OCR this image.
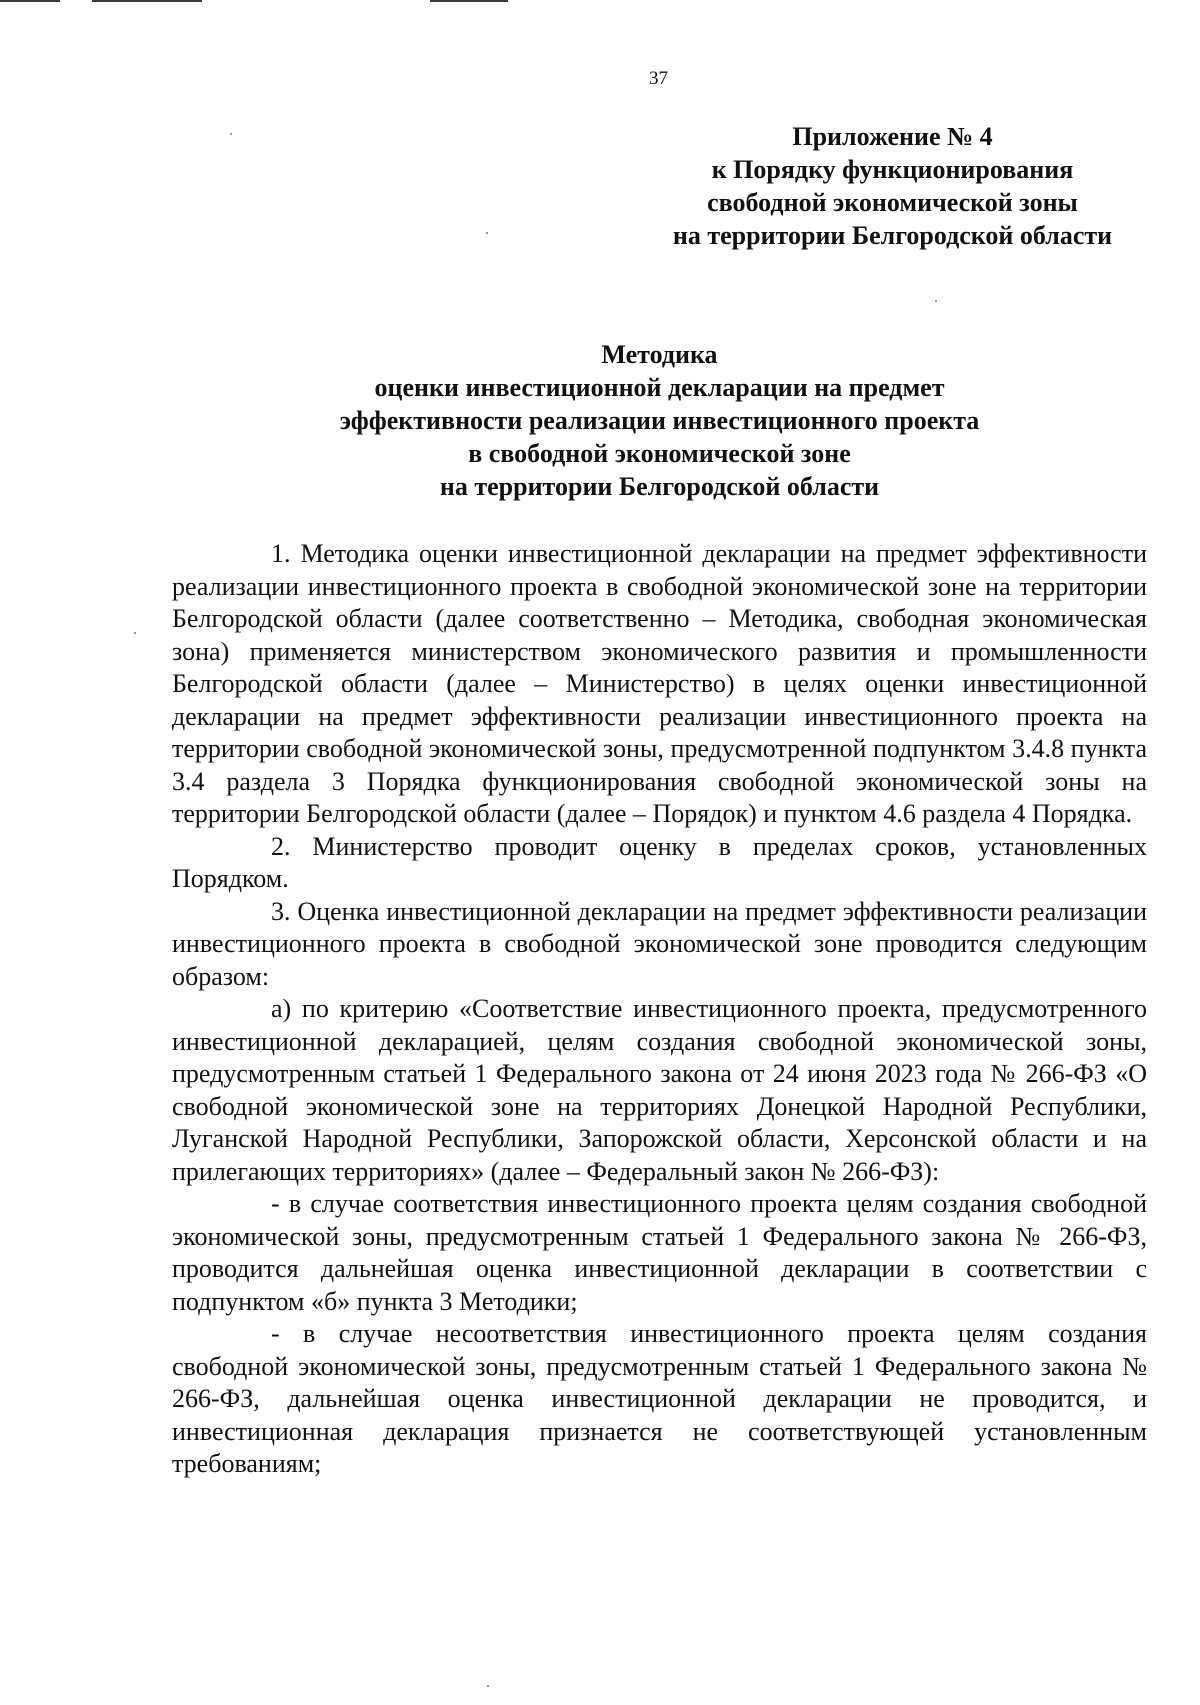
37
Приложение № 4
к Порядку функционирования
свободной экономической зоны
на территории Белгородской области
Методика
оценки инвестиционной декларации на предмет
эффективности реализации инвестиционного проекта
в свободной экономической зоне
на территории Белгородской области

1. Методика оценки инвестиционной декларации на предмет эффективности реализации инвестиционного проекта в свободной экономической зоне на территории Белгородской области (далее соответственно – Методика, свободная экономическая зона) применяется министерством экономического развития и промышленности Белгородской области (далее – Министерство) в целях оценки инвестиционной декларации на предмет эффективности реализации инвестиционного проекта на территории свободной экономической зоны, предусмотренной подпунктом 3.4.8 пункта 3.4 раздела 3 Порядка функционирования свободной экономической зоны на территории Белгородской области (далее – Порядок) и пунктом 4.6 раздела 4 Порядка.

2. Министерство проводит оценку в пределах сроков, установленных Порядком.

3. Оценка инвестиционной декларации на предмет эффективности реализации инвестиционного проекта в свободной экономической зоне проводится следующим образом:

а) по критерию «Соответствие инвестиционного проекта, предусмотренного инвестиционной декларацией, целям создания свободной экономической зоны, предусмотренным статьей 1 Федерального закона от 24 июня 2023 года № 266-ФЗ «О свободной экономической зоне на территориях Донецкой Народной Республики, Луганской Народной Республики, Запорожской области, Херсонской области и на прилегающих территориях» (далее – Федеральный закон № 266-ФЗ):

- в случае соответствия инвестиционного проекта целям создания свободной экономической зоны, предусмотренным статьей 1 Федерального закона № 266-ФЗ, проводится дальнейшая оценка инвестиционной декларации в соответствии с подпунктом «б» пункта 3 Методики;

- в случае несоответствия инвестиционного проекта целям создания свободной экономической зоны, предусмотренным статьей 1 Федерального закона № 266-ФЗ, дальнейшая оценка инвестиционной декларации не проводится, и инвестиционная декларация признается не соответствующей установленным требованиям;
